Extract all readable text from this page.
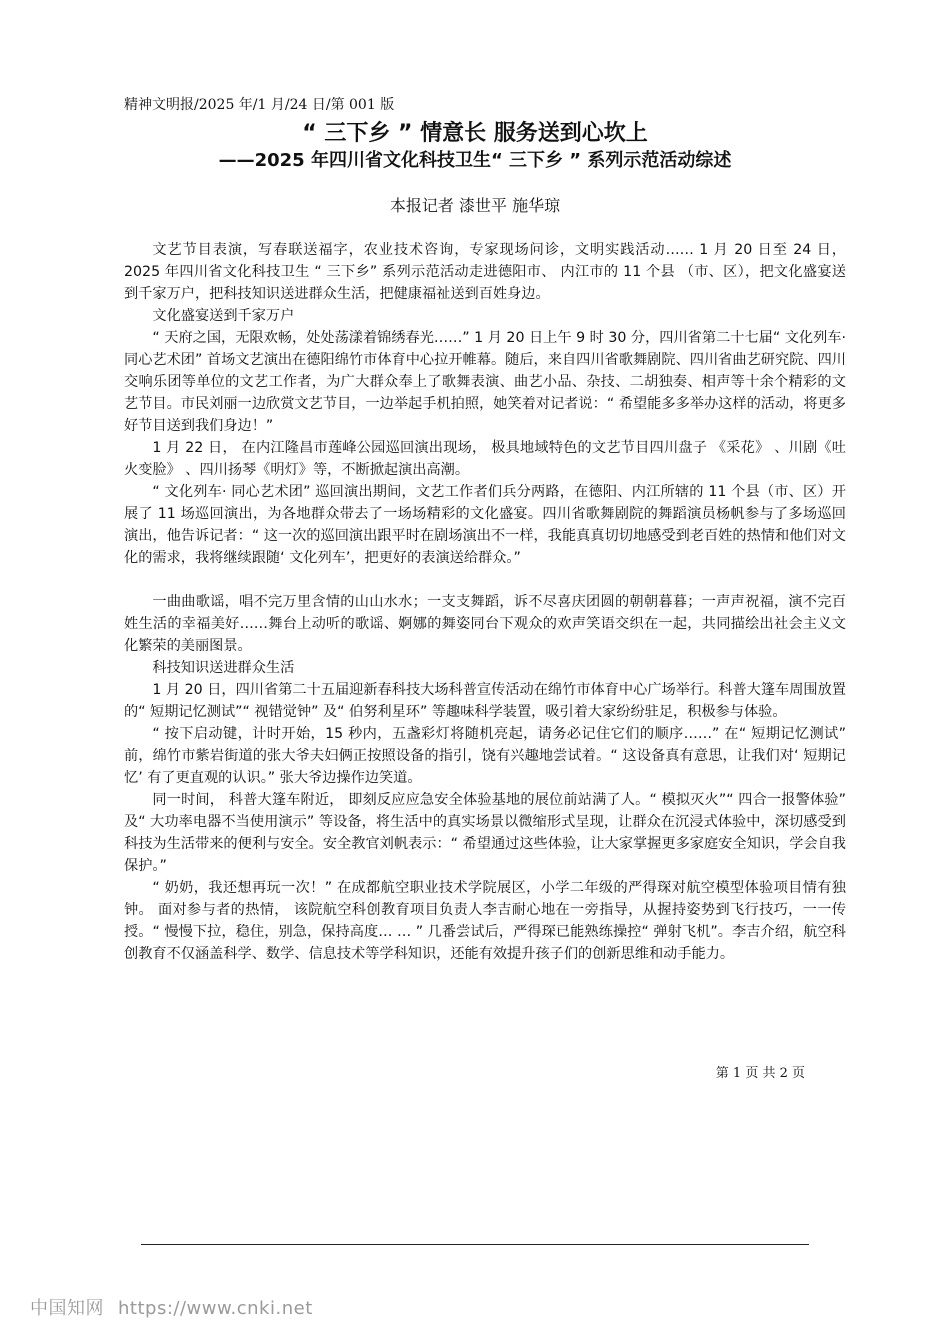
精神文明报/2025 年/1 月/24 日/第 001 版
“ 三下乡 ” 情意长 服务送到心坎上
——2025 年四川省文化科技卫生“ 三下乡 ” 系列示范活动综述
本报记者 漆世平 施华琼

文艺节目表演，写春联送福字，农业技术咨询，专家现场问诊，文明实践活动…… 1 月 20 日至 24 日， 2025 年四川省文化科技卫生 “ 三下乡” 系列示范活动走进德阳市、 内江市的 11 个县 （市、区），把文化盛宴送到千家万户，把科技知识送进群众生活，把健康福祉送到百姓身边。

文化盛宴送到千家万户

“ 天府之国，无限欢畅，处处荡漾着锦绣春光……” 1 月 20 日上午 9 时 30 分，四川省第二十七届“ 文化列车· 同心艺术团” 首场文艺演出在德阳绵竹市体育中心拉开帷幕。随后，来自四川省歌舞剧院、四川省曲艺研究院、四川交响乐团等单位的文艺工作者，为广大群众奉上了歌舞表演、曲艺小品、杂技、二胡独奏、相声等十余个精彩的文艺节目。市民刘丽一边欣赏文艺节目，一边举起手机拍照，她笑着对记者说：“ 希望能多多举办这样的活动，将更多好节目送到我们身边！”

1 月 22 日， 在内江隆昌市莲峰公园巡回演出现场， 极具地域特色的文艺节目四川盘子 《采花》 、川剧《吐火变脸》 、四川扬琴《明灯》等，不断掀起演出高潮。

“ 文化列车· 同心艺术团” 巡回演出期间，文艺工作者们兵分两路，在德阳、内江所辖的 11 个县（市、区）开展了 11 场巡回演出，为各地群众带去了一场场精彩的文化盛宴。四川省歌舞剧院的舞蹈演员杨帆参与了多场巡回演出，他告诉记者：“ 这一次的巡回演出跟平时在剧场演出不一样，我能真真切切地感受到老百姓的热情和他们对文化的需求，我将继续跟随‘ 文化列车’，把更好的表演送给群众。”

一曲曲歌谣，唱不完万里含情的山山水水；一支支舞蹈，诉不尽喜庆团圆的朝朝暮暮；一声声祝福，演不完百姓生活的幸福美好……舞台上动听的歌谣、婀娜的舞姿同台下观众的欢声笑语交织在一起，共同描绘出社会主义文化繁荣的美丽图景。

科技知识送进群众生活

1 月 20 日，四川省第二十五届迎新春科技大场科普宣传活动在绵竹市体育中心广场举行。科普大篷车周围放置的“ 短期记忆测试”“ 视错觉钟” 及“ 伯努利星环” 等趣味科学装置，吸引着大家纷纷驻足，积极参与体验。

“ 按下启动键，计时开始，15 秒内，五盏彩灯将随机亮起，请务必记住它们的顺序……” 在“ 短期记忆测试” 前，绵竹市紫岩街道的张大爷夫妇俩正按照设备的指引，饶有兴趣地尝试着。“ 这设备真有意思，让我们对‘ 短期记忆’ 有了更直观的认识。” 张大爷边操作边笑道。

同一时间， 科普大篷车附近， 即刻反应应急安全体验基地的展位前站满了人。“ 模拟灭火”“ 四合一报警体验” 及“ 大功率电器不当使用演示” 等设备，将生活中的真实场景以微缩形式呈现，让群众在沉浸式体验中，深切感受到科技为生活带来的便利与安全。安全教官刘帆表示：“ 希望通过这些体验，让大家掌握更多家庭安全知识，学会自我保护。”

“ 奶奶，我还想再玩一次！” 在成都航空职业技术学院展区，小学二年级的严得琛对航空模型体验项目情有独钟。 面对参与者的热情， 该院航空科创教育项目负责人李吉耐心地在一旁指导，从握持姿势到飞行技巧，一一传授。“ 慢慢下拉，稳住，别急，保持高度… … ” 几番尝试后，严得琛已能熟练操控“ 弹射飞机”。李吉介绍，航空科创教育不仅涵盖科学、数学、信息技术等学科知识，还能有效提升孩子们的创新思维和动手能力。

第 1 页 共 2 页
中国知网 https://www.cnki.net
